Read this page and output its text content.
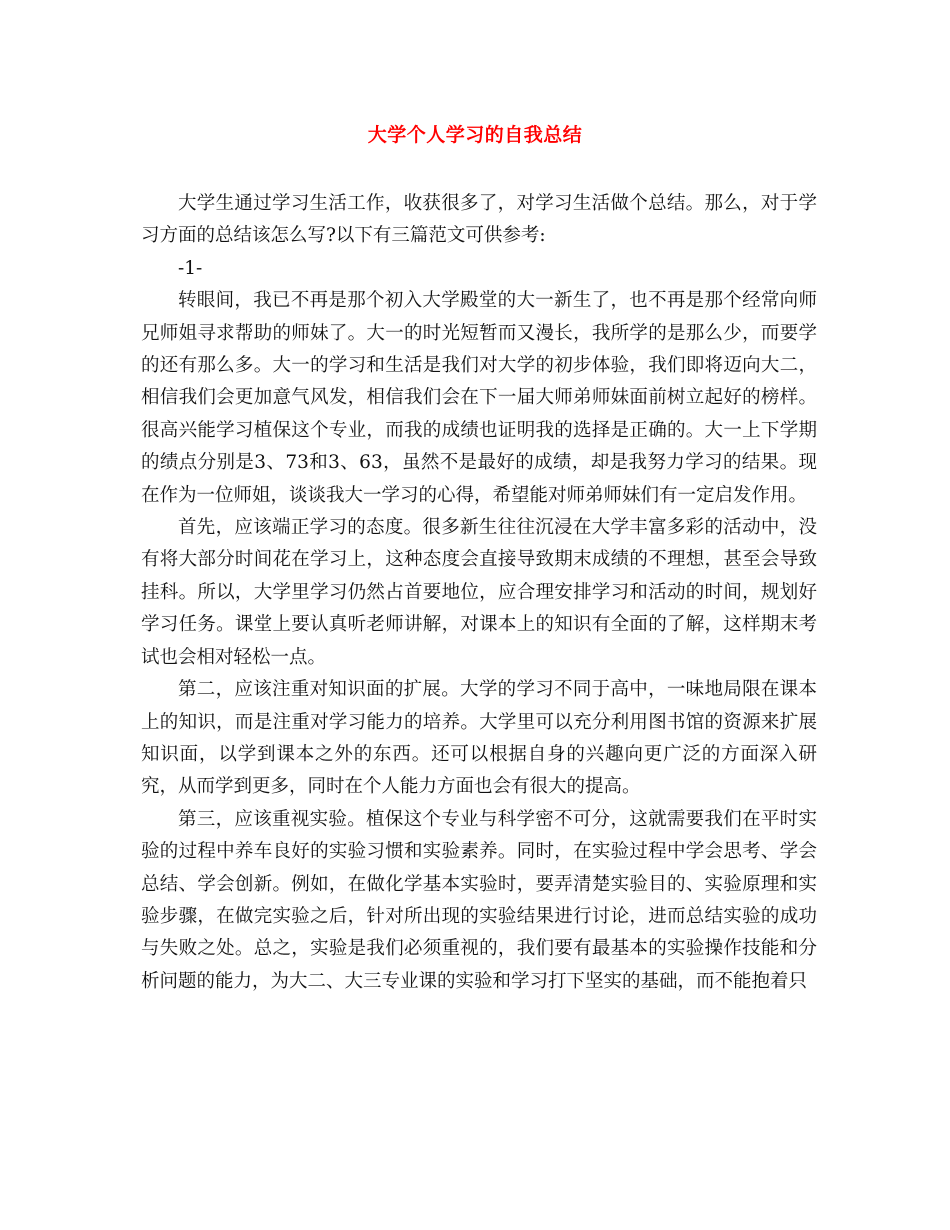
大学个人学习的自我总结

大学生通过学习生活工作，收获很多了，对学习生活做个总结。那么，对于学习方面的总结该怎么写?以下有三篇范文可供参考:

-1-

转眼间，我已不再是那个初入大学殿堂的大一新生了，也不再是那个经常向师兄师姐寻求帮助的师妹了。大一的时光短暂而又漫长，我所学的是那么少，而要学的还有那么多。大一的学习和生活是我们对大学的初步体验，我们即将迈向大二，相信我们会更加意气风发，相信我们会在下一届大师弟师妹面前树立起好的榜样。很高兴能学习植保这个专业，而我的成绩也证明我的选择是正确的。大一上下学期的绩点分别是3、73和3、63，虽然不是最好的成绩，却是我努力学习的结果。现在作为一位师姐，谈谈我大一学习的心得，希望能对师弟师妹们有一定启发作用。

首先，应该端正学习的态度。很多新生往往沉浸在大学丰富多彩的活动中，没有将大部分时间花在学习上，这种态度会直接导致期末成绩的不理想，甚至会导致挂科。所以，大学里学习仍然占首要地位，应合理安排学习和活动的时间，规划好学习任务。课堂上要认真听老师讲解，对课本上的知识有全面的了解，这样期末考试也会相对轻松一点。

第二，应该注重对知识面的扩展。大学的学习不同于高中，一味地局限在课本上的知识，而是注重对学习能力的培养。大学里可以充分利用图书馆的资源来扩展知识面，以学到课本之外的东西。还可以根据自身的兴趣向更广泛的方面深入研究，从而学到更多，同时在个人能力方面也会有很大的提高。

第三，应该重视实验。植保这个专业与科学密不可分，这就需要我们在平时实验的过程中养车良好的实验习惯和实验素养。同时，在实验过程中学会思考、学会总结、学会创新。例如，在做化学基本实验时，要弄清楚实验目的、实验原理和实验步骤，在做完实验之后，针对所出现的实验结果进行讨论，进而总结实验的成功与失败之处。总之，实验是我们必须重视的，我们要有最基本的实验操作技能和分析问题的能力，为大二、大三专业课的实验和学习打下坚实的基础，而不能抱着只
